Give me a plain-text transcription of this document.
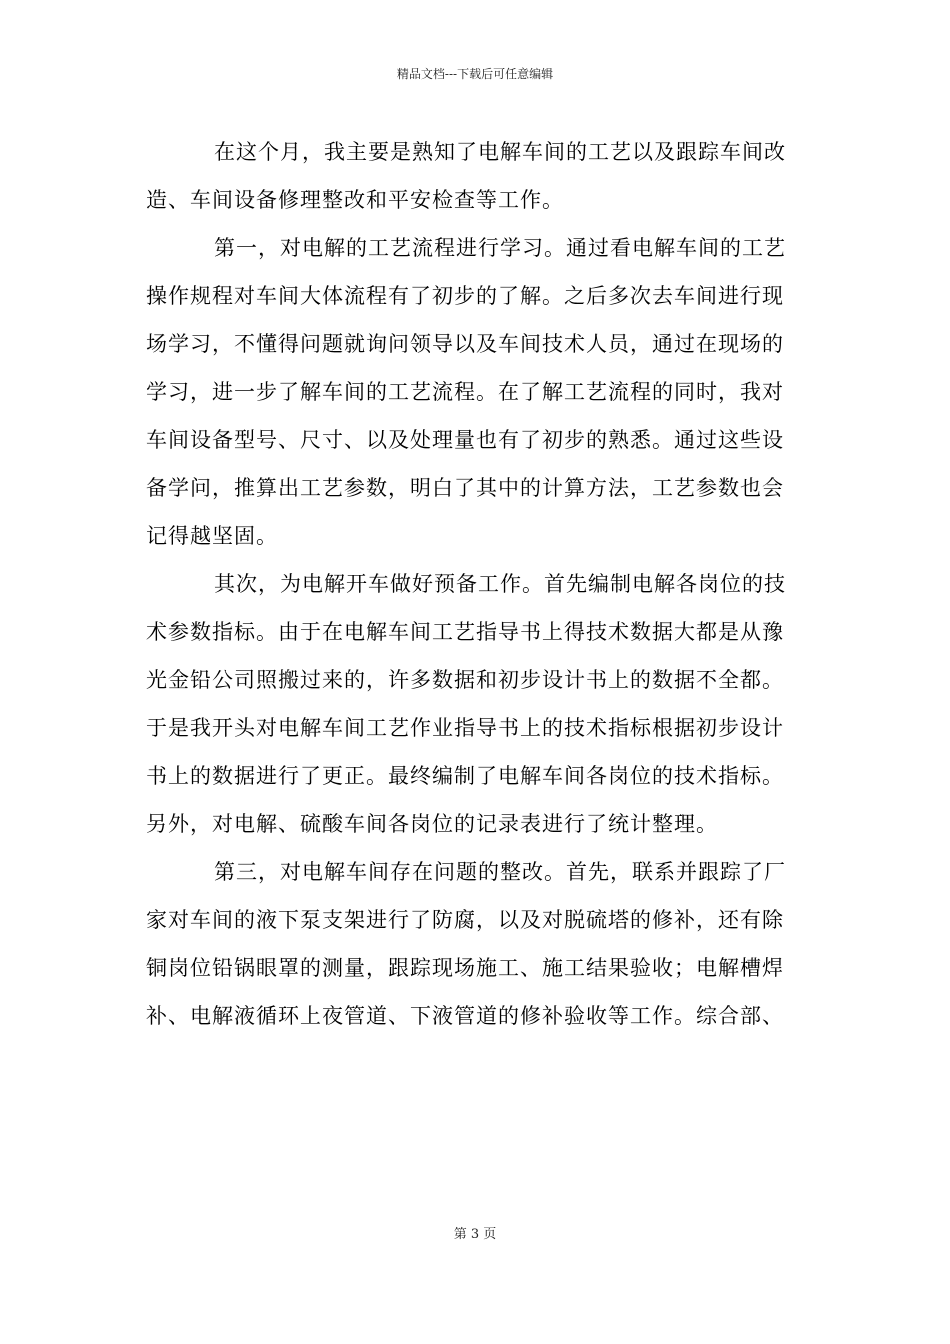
精品文档---下载后可任意编辑
在这个月，我主要是熟知了电解车间的工艺以及跟踪车间改
造、车间设备修理整改和平安检查等工作。
第一，对电解的工艺流程进行学习。通过看电解车间的工艺
操作规程对车间大体流程有了初步的了解。之后多次去车间进行现
场学习，不懂得问题就询问领导以及车间技术人员，通过在现场的
学习，进一步了解车间的工艺流程。在了解工艺流程的同时，我对
车间设备型号、尺寸、以及处理量也有了初步的熟悉。通过这些设
备学问，推算出工艺参数，明白了其中的计算方法，工艺参数也会
记得越坚固。
其次，为电解开车做好预备工作。首先编制电解各岗位的技
术参数指标。由于在电解车间工艺指导书上得技术数据大都是从豫
光金铅公司照搬过来的，许多数据和初步设计书上的数据不全都。
于是我开头对电解车间工艺作业指导书上的技术指标根据初步设计
书上的数据进行了更正。最终编制了电解车间各岗位的技术指标。
另外，对电解、硫酸车间各岗位的记录表进行了统计整理。
第三，对电解车间存在问题的整改。首先，联系并跟踪了厂
家对车间的液下泵支架进行了防腐，以及对脱硫塔的修补，还有除
铜岗位铅锅眼罩的测量，跟踪现场施工、施工结果验收；电解槽焊
补、电解液循环上夜管道、下液管道的修补验收等工作。综合部、
第 3 页
